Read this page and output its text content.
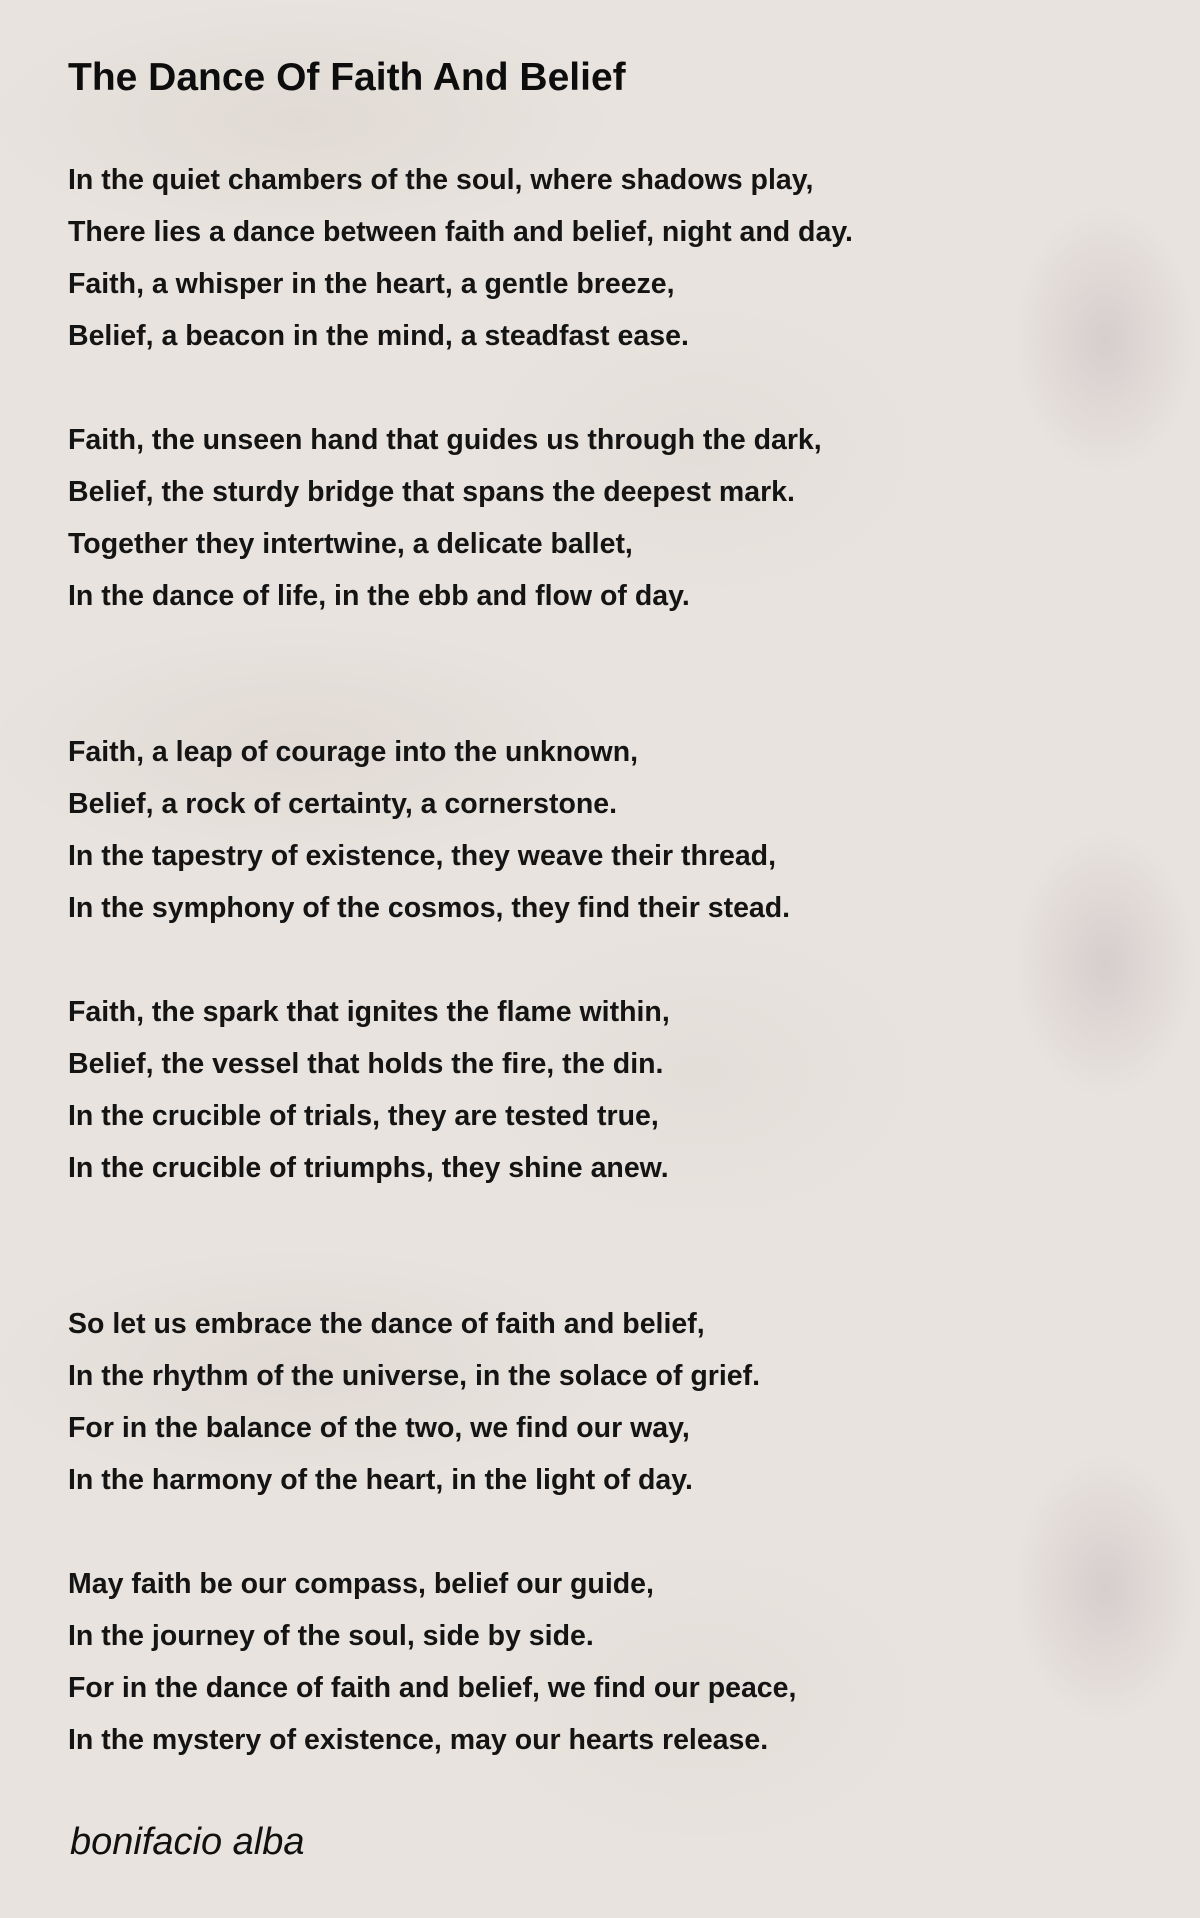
The Dance Of Faith And Belief
In the quiet chambers of the soul, where shadows play,
There lies a dance between faith and belief, night and day.
Faith, a whisper in the heart, a gentle breeze,
Belief, a beacon in the mind, a steadfast ease.
Faith, the unseen hand that guides us through the dark,
Belief, the sturdy bridge that spans the deepest mark.
Together they intertwine, a delicate ballet,
In the dance of life, in the ebb and flow of day.
Faith, a leap of courage into the unknown,
Belief, a rock of certainty, a cornerstone.
In the tapestry of existence, they weave their thread,
In the symphony of the cosmos, they find their stead.
Faith, the spark that ignites the flame within,
Belief, the vessel that holds the fire, the din.
In the crucible of trials, they are tested true,
In the crucible of triumphs, they shine anew.
So let us embrace the dance of faith and belief,
In the rhythm of the universe, in the solace of grief.
For in the balance of the two, we find our way,
In the harmony of the heart, in the light of day.
May faith be our compass, belief our guide,
In the journey of the soul, side by side.
For in the dance of faith and belief, we find our peace,
In the mystery of existence, may our hearts release.
bonifacio alba
